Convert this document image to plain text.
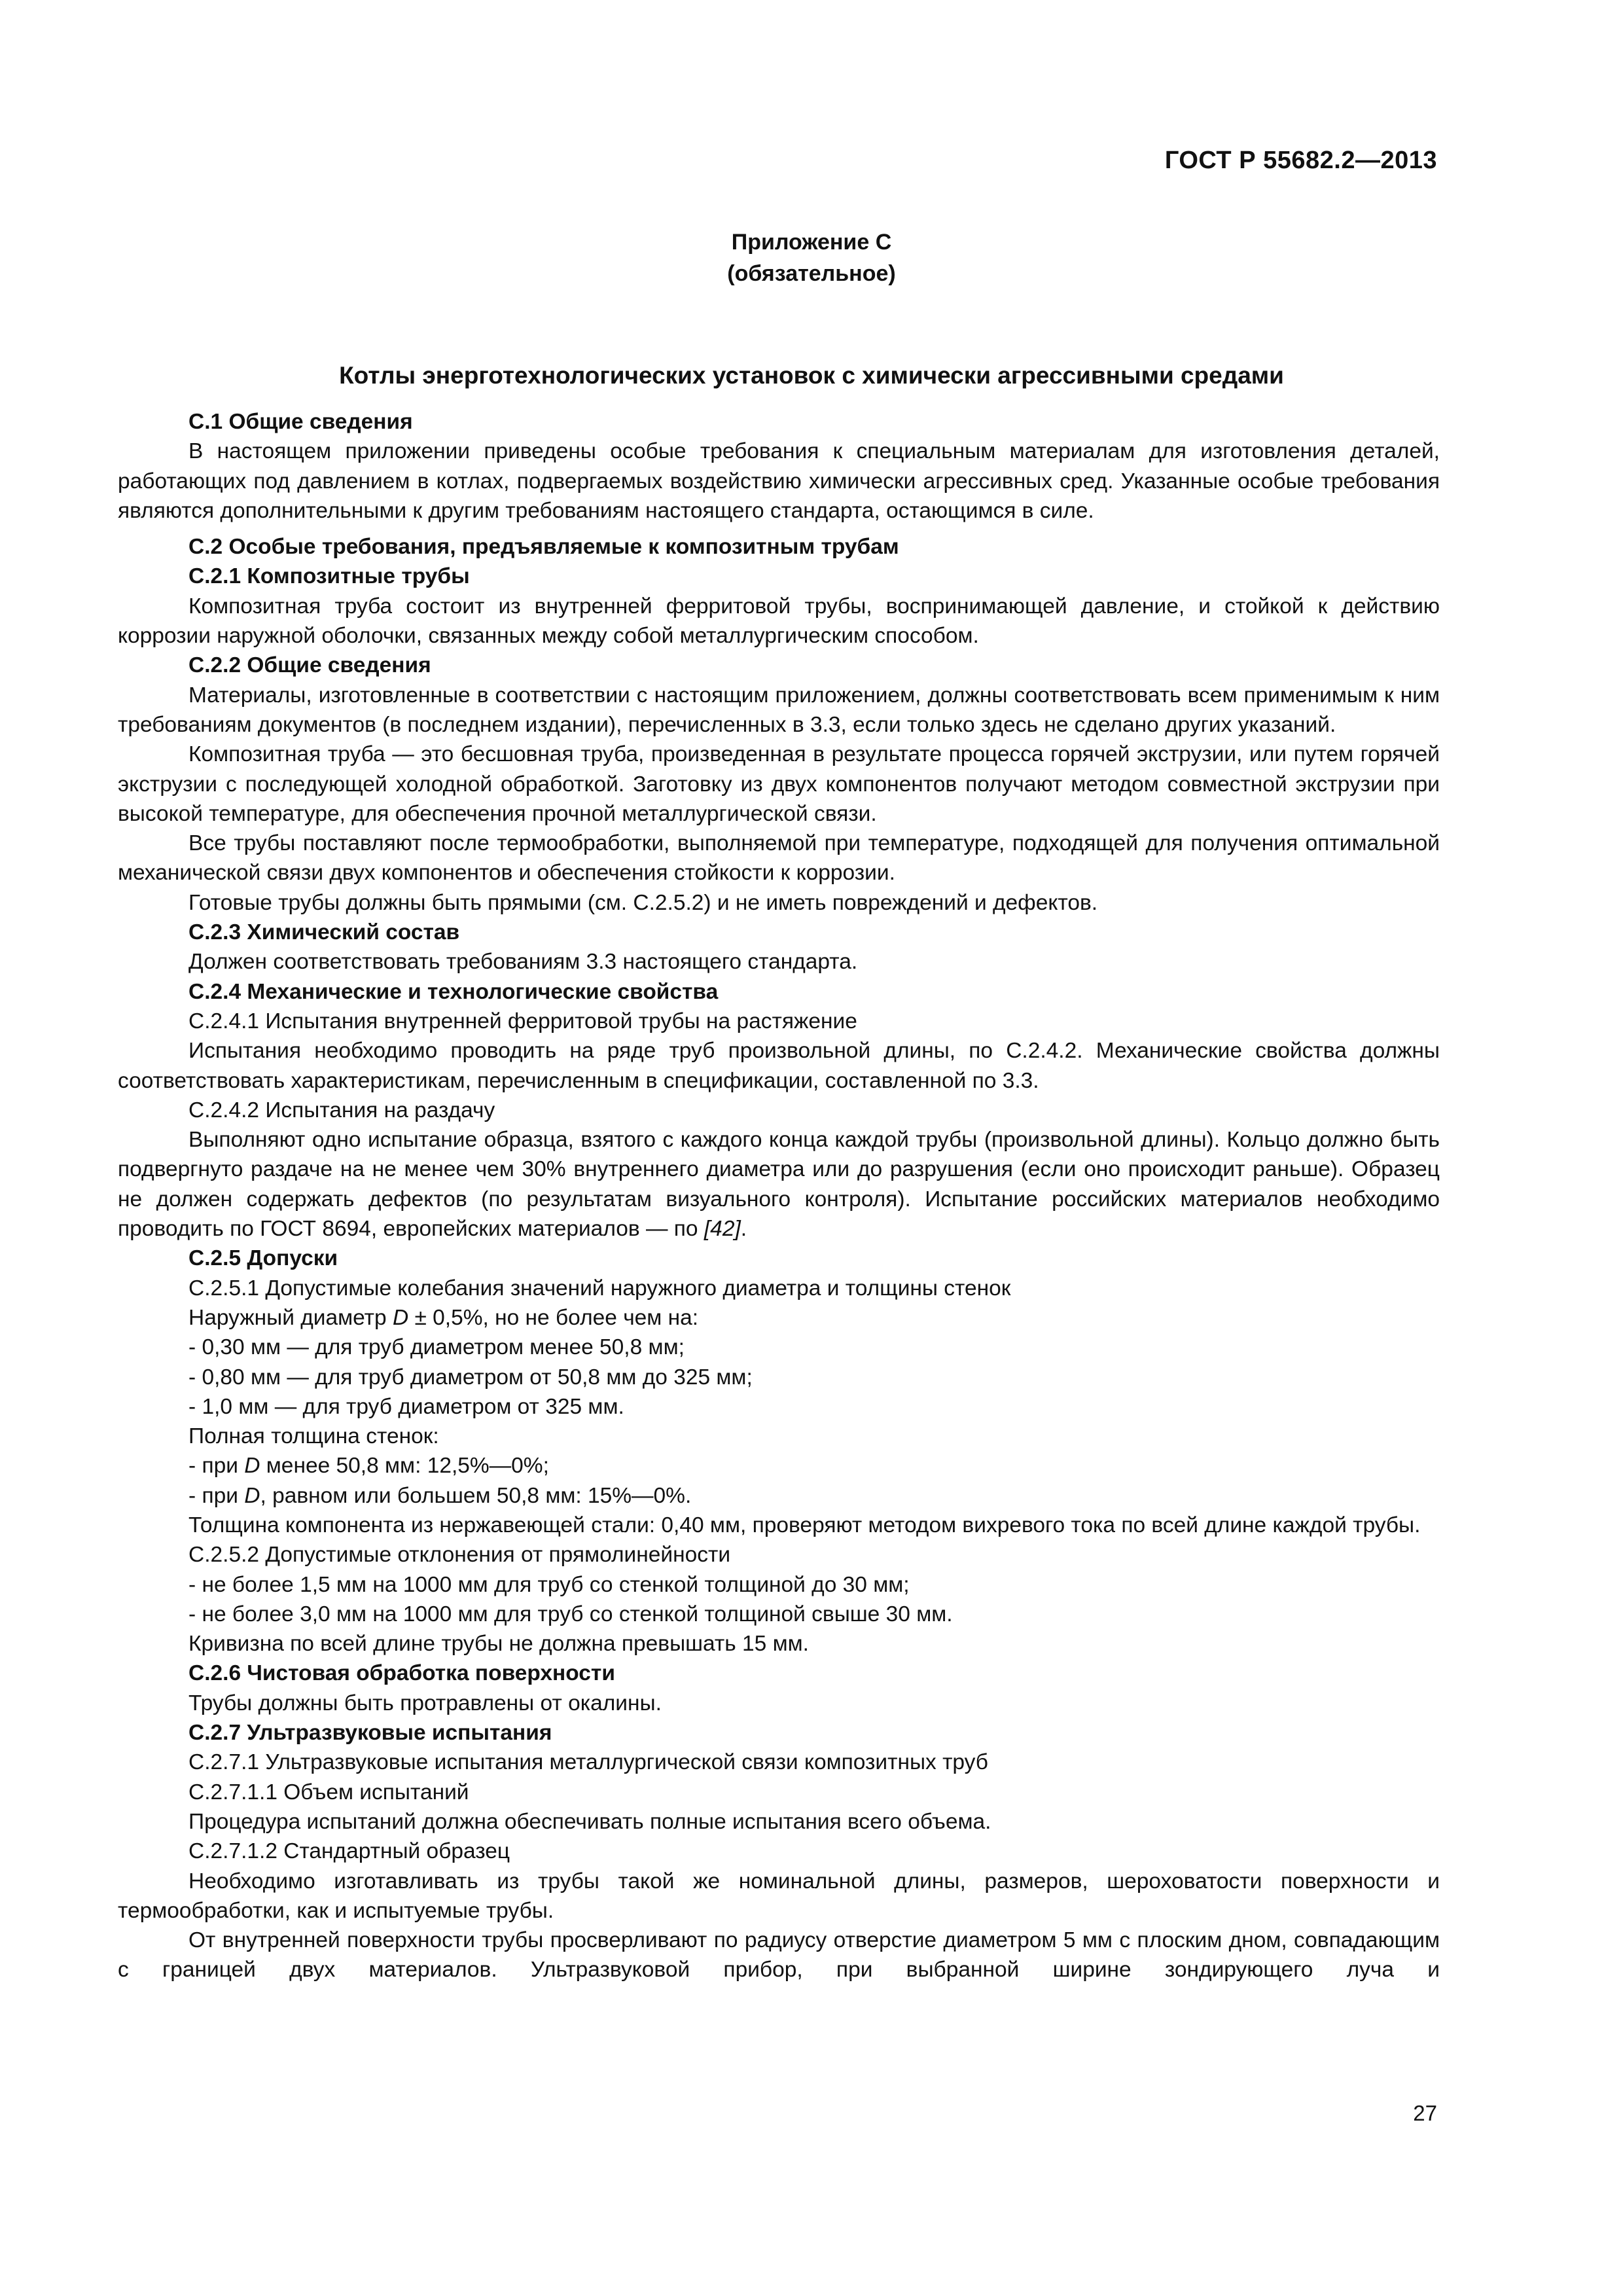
ГОСТ Р 55682.2—2013
Приложение С
(обязательное)
Котлы энерготехнологических установок с химически агрессивными средами

С.1 Общие сведения

В настоящем приложении приведены особые требования к специальным материалам для изготовления деталей, работающих под давлением в котлах, подвергаемых воздействию химически агрессивных сред. Указанные особые требования являются дополнительными к другим требованиям настоящего стандарта, остающимся в силе.

С.2 Особые требования, предъявляемые к композитным трубам

С.2.1 Композитные трубы

Композитная труба состоит из внутренней ферритовой трубы, воспринимающей давление, и стойкой к действию коррозии наружной оболочки, связанных между собой металлургическим способом.

С.2.2 Общие сведения

Материалы, изготовленные в соответствии с настоящим приложением, должны соответствовать всем применимым к ним требованиям документов (в последнем издании), перечисленных в 3.3, если только здесь не сделано других указаний.

Композитная труба — это бесшовная труба, произведенная в результате процесса горячей экструзии, или путем горячей экструзии с последующей холодной обработкой. Заготовку из двух компонентов получают методом совместной экструзии при высокой температуре, для обеспечения прочной металлургической связи.

Все трубы поставляют после термообработки, выполняемой при температуре, подходящей для получения оптимальной механической связи двух компонентов и обеспечения стойкости к коррозии.

Готовые трубы должны быть прямыми (см. С.2.5.2) и не иметь повреждений и дефектов.

С.2.3 Химический состав

Должен соответствовать требованиям 3.3 настоящего стандарта.

С.2.4 Механические и технологические свойства

С.2.4.1 Испытания внутренней ферритовой трубы на растяжение

Испытания необходимо проводить на ряде труб произвольной длины, по С.2.4.2. Механические свойства должны соответствовать характеристикам, перечисленным в спецификации, составленной по 3.3.

С.2.4.2 Испытания на раздачу

Выполняют одно испытание образца, взятого с каждого конца каждой трубы (произвольной длины). Кольцо должно быть подвергнуто раздаче на не менее чем 30% внутреннего диаметра или до разрушения (если оно происходит раньше). Образец не должен содержать дефектов (по результатам визуального контроля). Испытание российских материалов необходимо проводить по ГОСТ 8694, европейских материалов — по [42].

С.2.5 Допуски

С.2.5.1 Допустимые колебания значений наружного диаметра и толщины стенок

Наружный диаметр D ± 0,5%, но не более чем на:

- 0,30 мм — для труб диаметром менее 50,8 мм;

- 0,80 мм — для труб диаметром от 50,8 мм до 325 мм;

- 1,0 мм — для труб диаметром от 325 мм.

Полная толщина стенок:

- при D менее 50,8 мм: 12,5%—0%;

- при D, равном или большем 50,8 мм: 15%—0%.

Толщина компонента из нержавеющей стали: 0,40 мм, проверяют методом вихревого тока по всей длине каждой трубы.

С.2.5.2 Допустимые отклонения от прямолинейности

- не более 1,5 мм на 1000 мм для труб со стенкой толщиной до 30 мм;

- не более 3,0 мм на 1000 мм для труб со стенкой толщиной свыше 30 мм.

Кривизна по всей длине трубы не должна превышать 15 мм.

С.2.6 Чистовая обработка поверхности

Трубы должны быть протравлены от окалины.

С.2.7 Ультразвуковые испытания

С.2.7.1 Ультразвуковые испытания металлургической связи композитных труб

С.2.7.1.1 Объем испытаний

Процедура испытаний должна обеспечивать полные испытания всего объема.

С.2.7.1.2 Стандартный образец

Необходимо изготавливать из трубы такой же номинальной длины, размеров, шероховатости поверхности и термообработки, как и испытуемые трубы.

От внутренней поверхности трубы просверливают по радиусу отверстие диаметром 5 мм с плоским дном, совпадающим с границей двух материалов. Ультразвуковой прибор, при выбранной ширине зондирующего луча и

27
